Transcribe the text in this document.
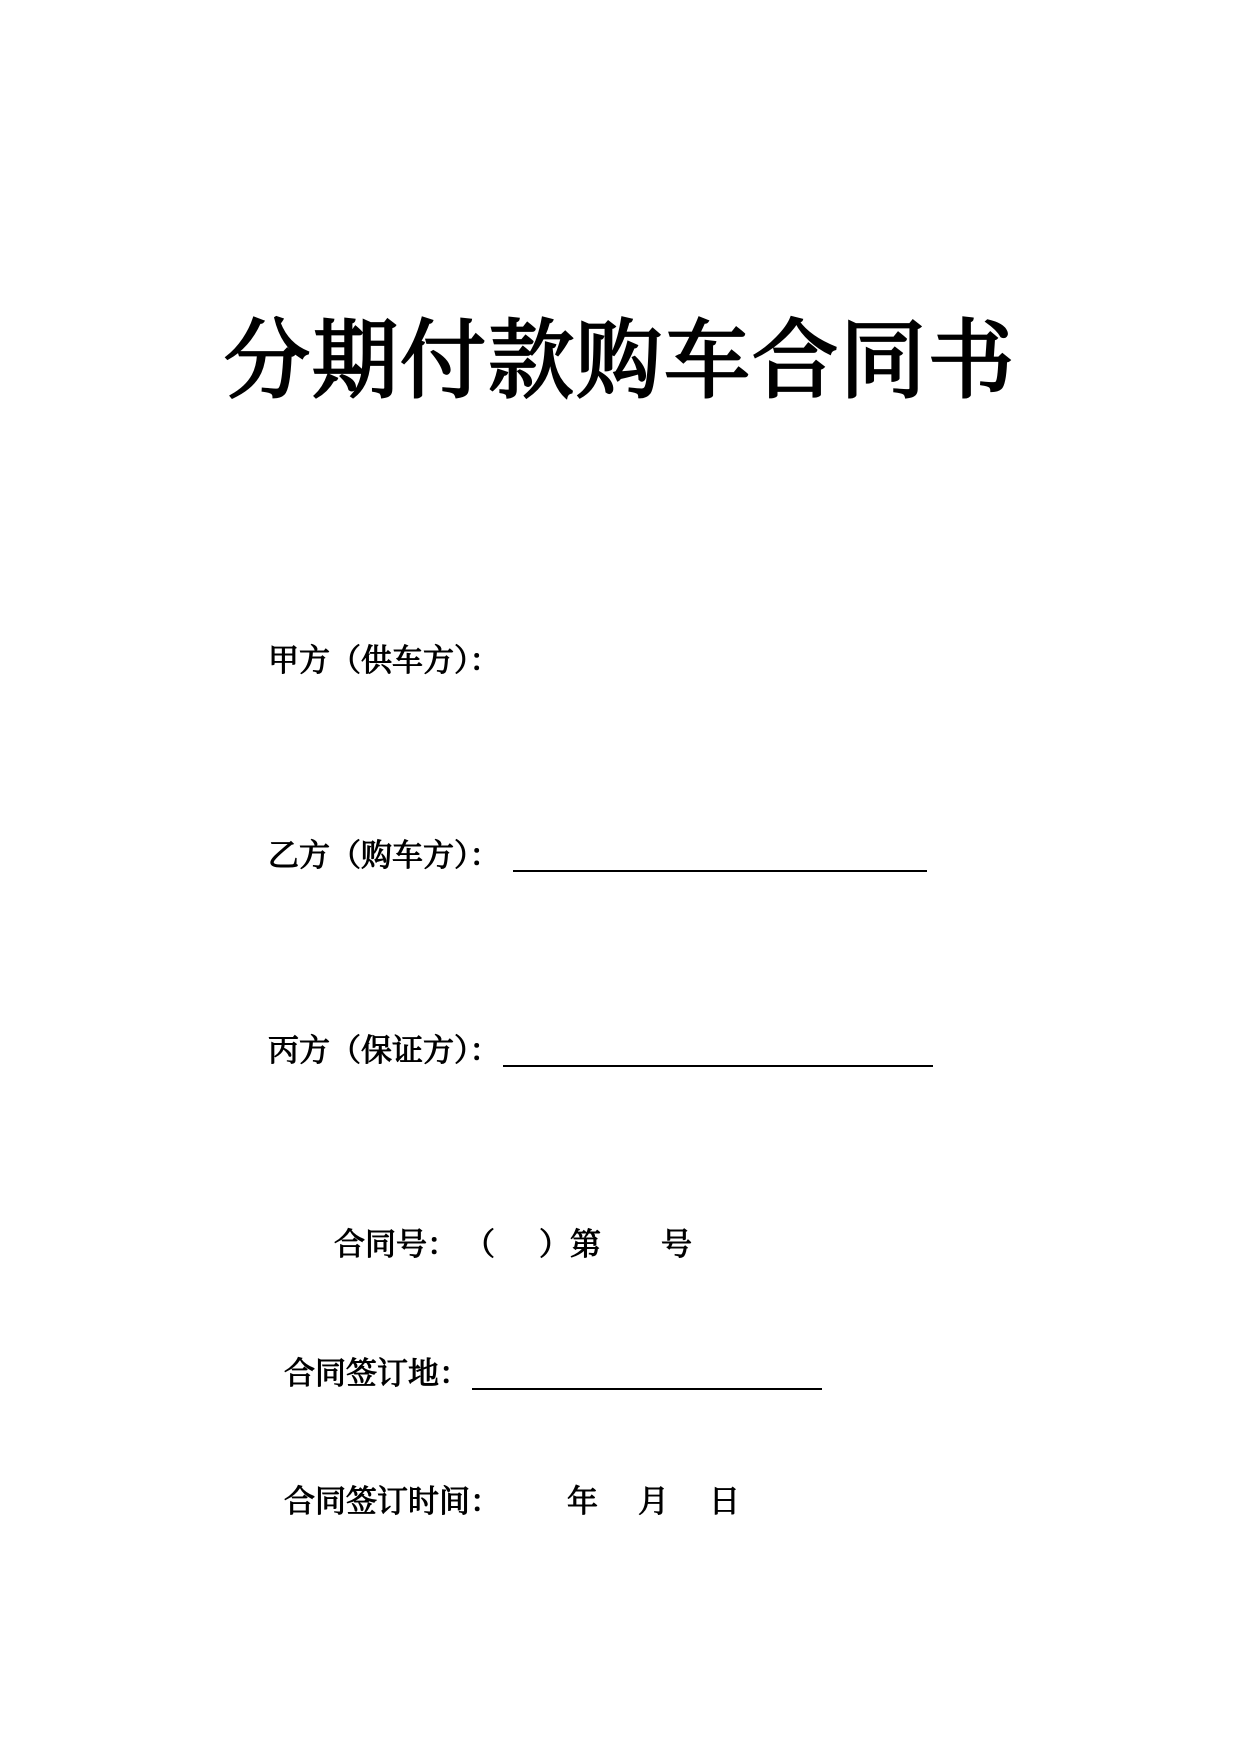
分期付款购车合同书
甲方（供车方）：
乙方（购车方）：
丙方（保证方）：
合同号： （ ） 第 号
合同签订地：
合同签订时间： 年 月 日
